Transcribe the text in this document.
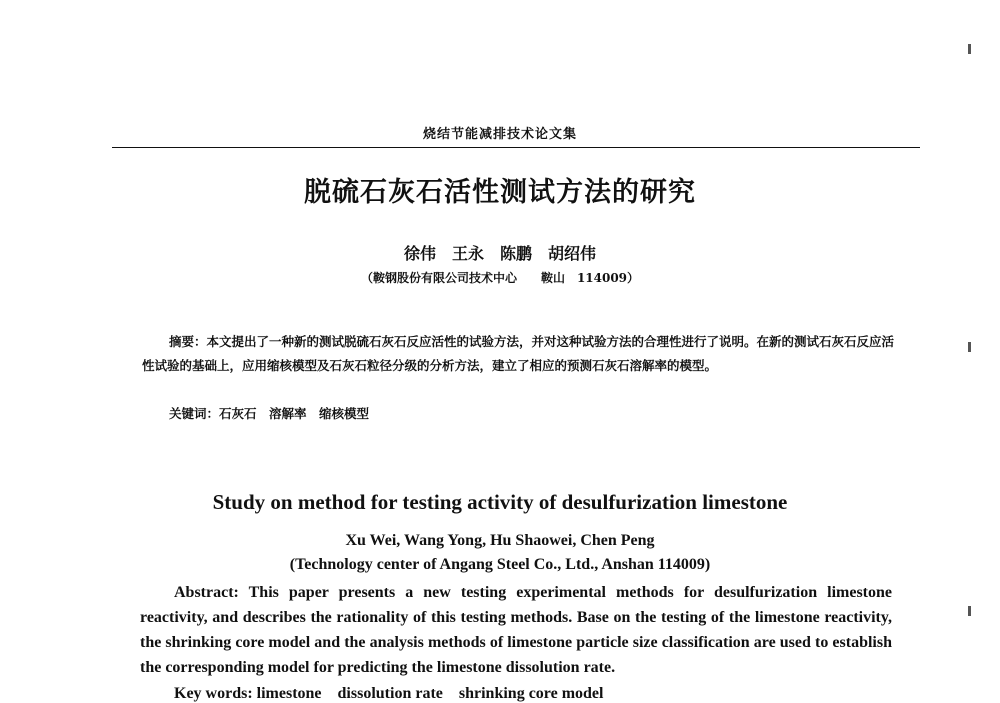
烧结节能减排技术论文集
脱硫石灰石活性测试方法的研究
徐伟　王永　陈鹏　胡绍伟
（鞍钢股份有限公司技术中心　　鞍山　114009）
摘要：本文提出了一种新的测试脱硫石灰石反应活性的试验方法，并对这种试验方法的合理性进行了说明。在新的测试石灰石反应活性试验的基础上，应用缩核模型及石灰石粒径分级的分析方法，建立了相应的预测石灰石溶解率的模型。
关键词：石灰石　溶解率　缩核模型
Study on method for testing activity of desulfurization limestone
Xu Wei, Wang Yong, Hu Shaowei, Chen Peng
(Technology center of Angang Steel Co., Ltd., Anshan 114009)
Abstract: This paper presents a new testing experimental methods for desulfurization limestone reactivity, and describes the rationality of this testing methods. Base on the testing of the limestone reactivity, the shrinking core model and the analysis methods of limestone particle size classification are used to establish the corresponding model for predicting the limestone dissolution rate.
Key words: limestone　dissolution rate　shrinking core model
